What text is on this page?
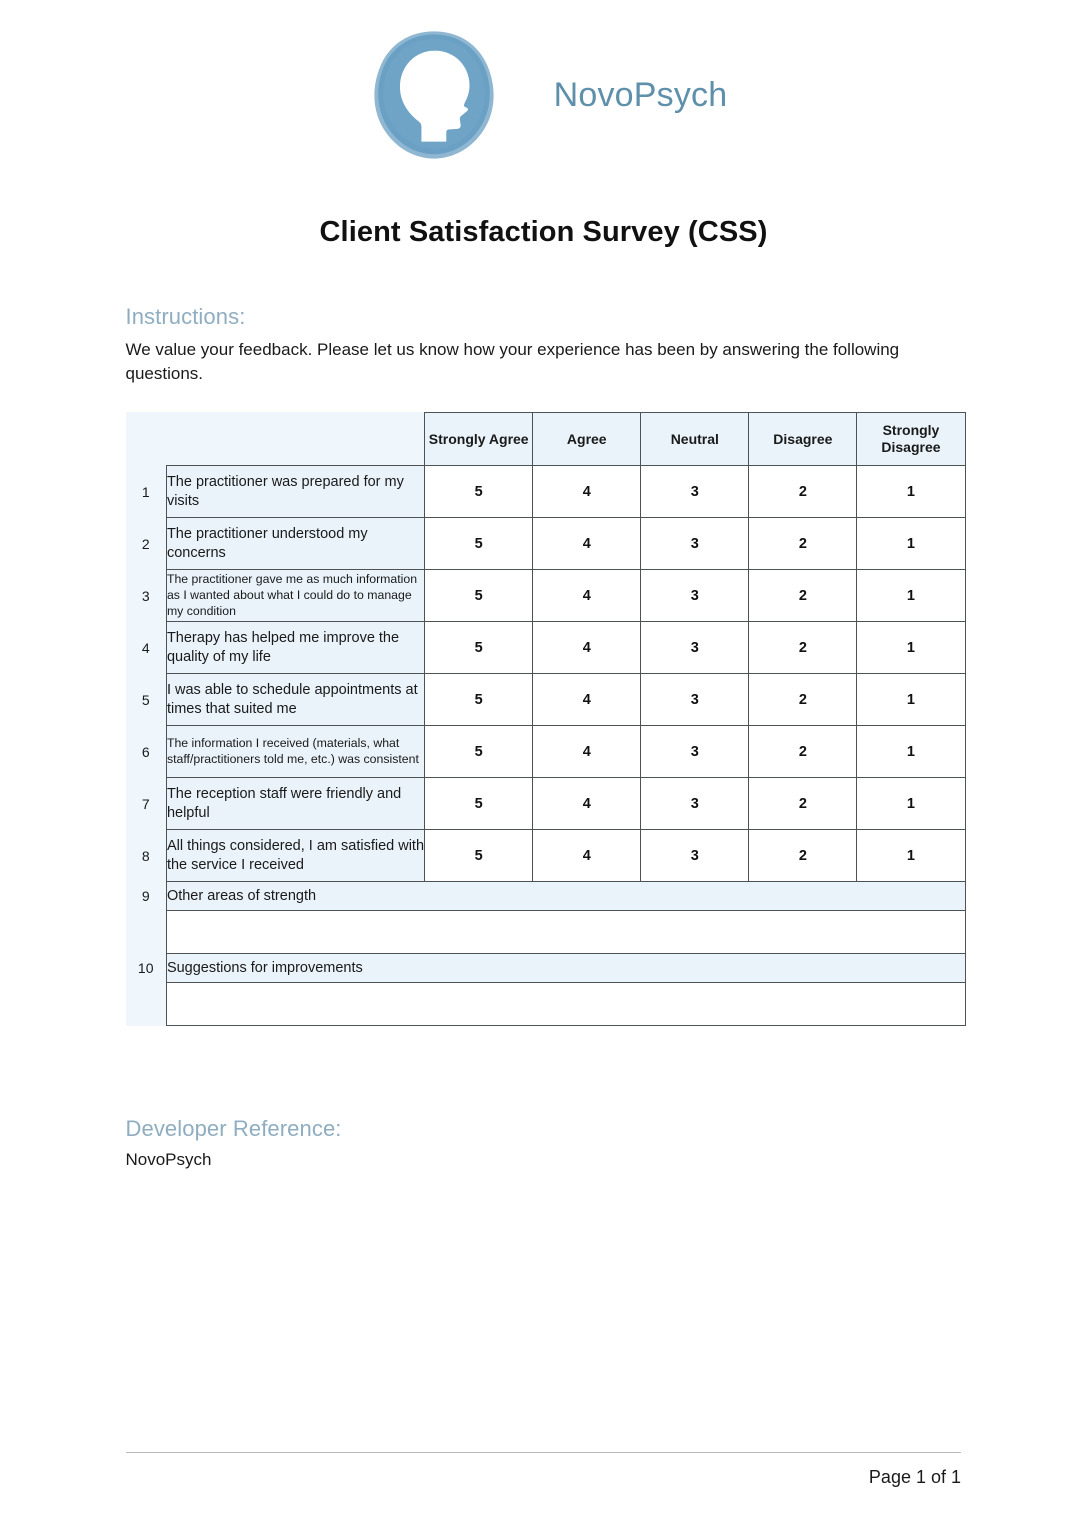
NovoPsych
Client Satisfaction Survey (CSS)
Instructions:

We value your feedback. Please let us know how your experience has been by answering the following questions.

		Strongly Agree	Agree	Neutral	Disagree	Strongly Disagree
1	The practitioner was prepared for my visits	5	4	3	2	1
2	The practitioner understood my concerns	5	4	3	2	1
3	The practitioner gave me as much information as I wanted about what I could do to manage my condition	5	4	3	2	1
4	Therapy has helped me improve the quality of my life	5	4	3	2	1
5	I was able to schedule appointments at times that suited me	5	4	3	2	1
6	The information I received (materials, what staff/practitioners told me, etc.) was consistent	5	4	3	2	1
7	The reception staff were friendly and helpful	5	4	3	2	1
8	All things considered, I am satisfied with the service I received	5	4	3	2	1
9	Other areas of strength					

10	Suggestions for improvements					

Developer Reference:

NovoPsych

Page 1 of 1
